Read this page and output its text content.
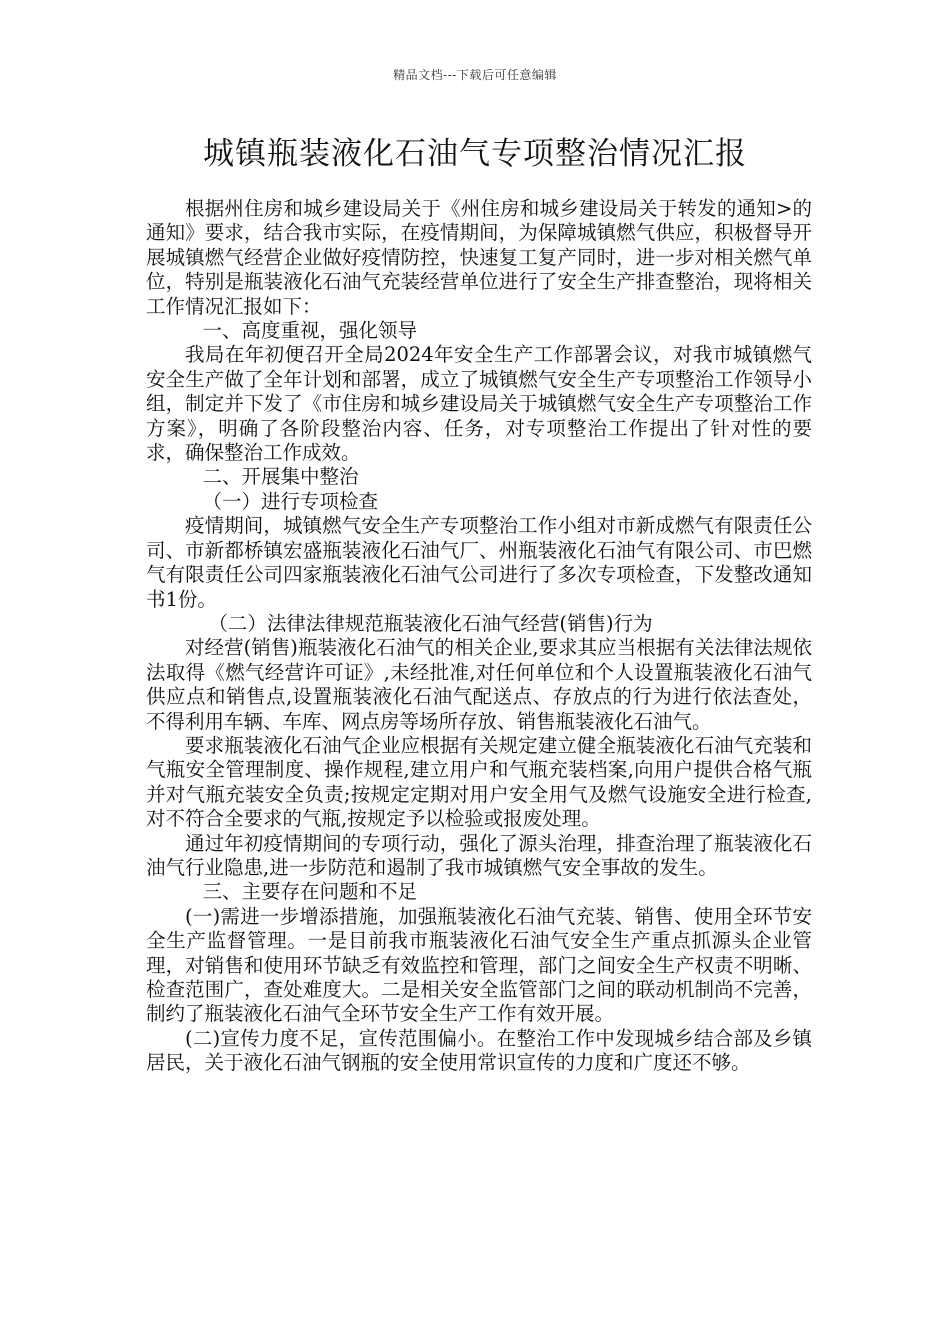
精品文档---下载后可任意编辑
城镇瓶装液化石油气专项整治情况汇报

根据州住房和城乡建设局关于《州住房和城乡建设局关于转发的通知>的通知》要求，结合我市实际，在疫情期间，为保障城镇燃气供应，积极督导开展城镇燃气经营企业做好疫情防控，快速复工复产同时，进一步对相关燃气单位，特别是瓶装液化石油气充装经营单位进行了安全生产排查整治，现将相关工作情况汇报如下：

一、高度重视，强化领导

我局在年初便召开全局2024年安全生产工作部署会议，对我市城镇燃气安全生产做了全年计划和部署，成立了城镇燃气安全生产专项整治工作领导小组，制定并下发了《市住房和城乡建设局关于城镇燃气安全生产专项整治工作方案》，明确了各阶段整治内容、任务，对专项整治工作提出了针对性的要求，确保整治工作成效。

二、开展集中整治

（一）进行专项检查

疫情期间，城镇燃气安全生产专项整治工作小组对市新成燃气有限责任公司、市新都桥镇宏盛瓶装液化石油气厂、州瓶装液化石油气有限公司、市巴燃气有限责任公司四家瓶装液化石油气公司进行了多次专项检查，下发整改通知书1份。

（二）法律法律规范瓶装液化石油气经营(销售)行为

对经营(销售)瓶装液化石油气的相关企业,要求其应当根据有关法律法规依法取得《燃气经营许可证》,未经批准,对任何单位和个人设置瓶装液化石油气供应点和销售点,设置瓶装液化石油气配送点、存放点的行为进行依法查处，不得利用车辆、车库、网点房等场所存放、销售瓶装液化石油气。

要求瓶装液化石油气企业应根据有关规定建立健全瓶装液化石油气充装和气瓶安全管理制度、操作规程,建立用户和气瓶充装档案,向用户提供合格气瓶并对气瓶充装安全负责;按规定定期对用户安全用气及燃气设施安全进行检查,对不符合全要求的气瓶,按规定予以检验或报废处理。

通过年初疫情期间的专项行动，强化了源头治理，排查治理了瓶装液化石油气行业隐患,进一步防范和遏制了我市城镇燃气安全事故的发生。

三、主要存在问题和不足

(一)需进一步增添措施，加强瓶装液化石油气充装、销售、使用全环节安全生产监督管理。一是目前我市瓶装液化石油气安全生产重点抓源头企业管理，对销售和使用环节缺乏有效监控和管理，部门之间安全生产权责不明晰、检查范围广，查处难度大。二是相关安全监管部门之间的联动机制尚不完善，制约了瓶装液化石油气全环节安全生产工作有效开展。

(二)宣传力度不足，宣传范围偏小。在整治工作中发现城乡结合部及乡镇居民，关于液化石油气钢瓶的安全使用常识宣传的力度和广度还不够。
